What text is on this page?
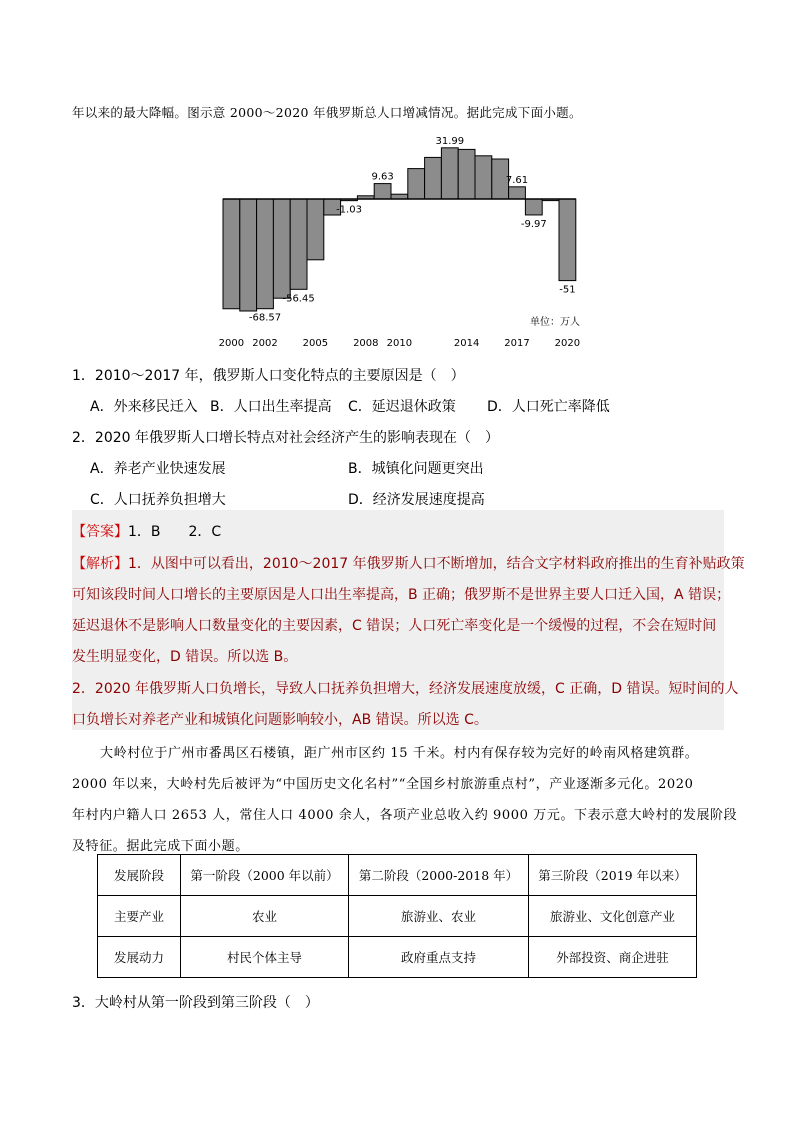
年以来的最大降幅。图示意 2000～2020 年俄罗斯总人口增减情况。据此完成下面小题。
-68.57
-56.45
-1.03
9.63
31.99
7.61
-9.97
-51
2000 2002 2005 2008 2010	2014 2017 2020
单位：万人
1．2010～2017 年，俄罗斯人口变化特点的主要原因是（　）
A．外来移民迁入 B．人口出生率提高 C．延迟退休政策 D．人口死亡率降低
2．2020 年俄罗斯人口增长特点对社会经济产生的影响表现在（　）
A．养老产业快速发展	B．城镇化问题更突出
C．人口抚养负担增大	D．经济发展速度提高
【答案】1．B　　2．C
【解析】1．从图中可以看出，2010～2017 年俄罗斯人口不断增加，结合文字材料政府推出的生育补贴政策
可知该段时间人口增长的主要原因是人口出生率提高，B 正确；俄罗斯不是世界主要人口迁入国，A 错误；
延迟退休不是影响人口数量变化的主要因素，C 错误；人口死亡率变化是一个缓慢的过程，不会在短时间
发生明显变化，D 错误。所以选 B。
2．2020 年俄罗斯人口负增长，导致人口抚养负担增大，经济发展速度放缓，C 正确，D 错误。短时间的人
口负增长对养老产业和城镇化问题影响较小，AB 错误。所以选 C。
大岭村位于广州市番禺区石楼镇，距广州市区约 15 千米。村内有保存较为完好的岭南风格建筑群。
2000 年以来，大岭村先后被评为“中国历史文化名村”“全国乡村旅游重点村”，产业逐渐多元化。2020
年村内户籍人口 2653 人，常住人口 4000 余人，各项产业总收入约 9000 万元。下表示意大岭村的发展阶段
及特征。据此完成下面小题。
发展阶段	第一阶段（2000 年以前）	第二阶段（2000-2018 年）	第三阶段（2019 年以来）
主要产业	农业	旅游业、农业	旅游业、文化创意产业
发展动力	村民个体主导	政府重点支持	外部投资、商企进驻
3．大岭村从第一阶段到第三阶段（　）
